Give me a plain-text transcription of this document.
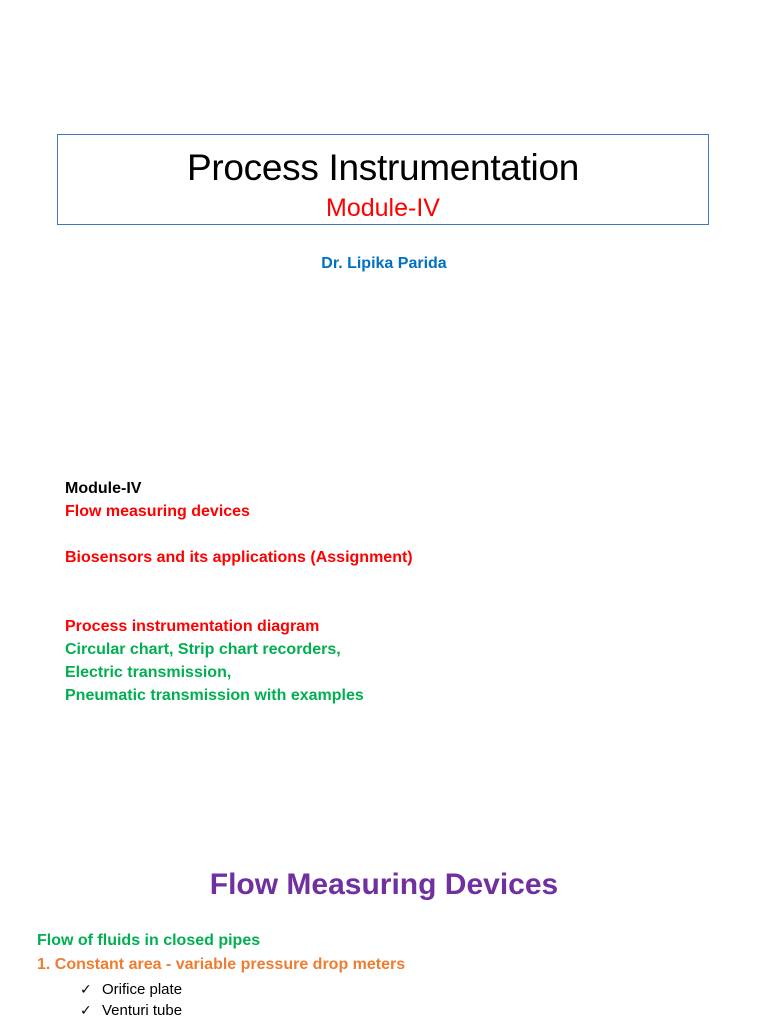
Process Instrumentation
Module-IV
Dr. Lipika Parida
Module-IV
Flow measuring devices
Biosensors and its applications (Assignment)
Process instrumentation diagram
Circular chart, Strip chart recorders,
Electric transmission,
Pneumatic transmission with examples
Flow Measuring Devices
Flow of fluids in closed pipes
1. Constant area - variable pressure drop meters
✓ Orifice plate
✓ Venturi tube
